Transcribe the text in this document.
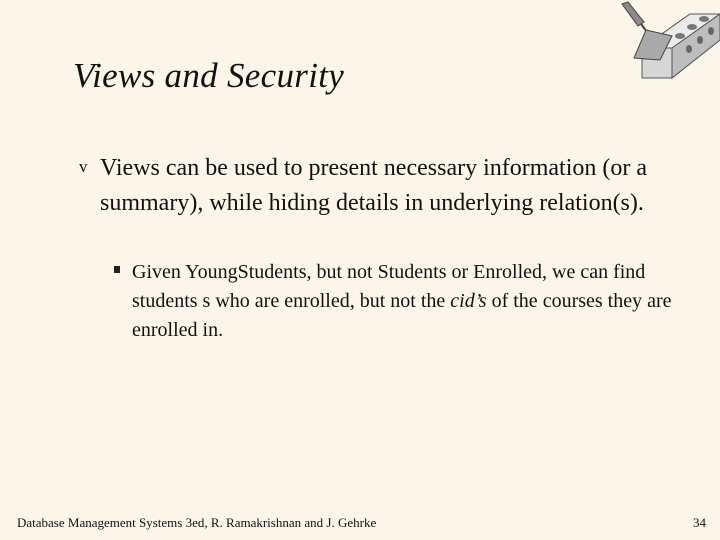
Views and Security
v Views can be used to present necessary information (or a summary), while hiding details in underlying relation(s).
Given YoungStudents, but not Students or Enrolled, we can find students s who are enrolled, but not the cid’s of the courses they are enrolled in.
Database Management Systems 3ed, R. Ramakrishnan and J. Gehrke	34
